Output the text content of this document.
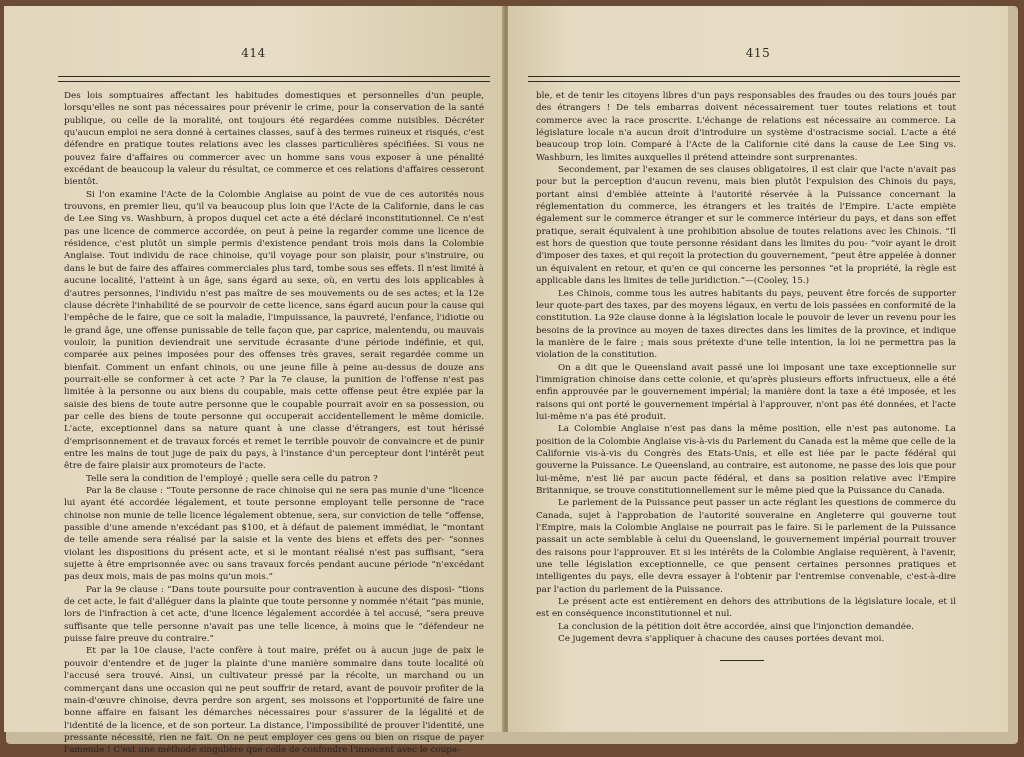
414

Des lois somptuaires affectant les habitudes domestiques et personnelles d'un peuple, lorsqu'elles ne sont pas nécessaires pour prévenir le crime, pour la conservation de la santé publique, ou celle de la moralité, ont toujours été regardées comme nuisibles. Décréter qu'aucun emploi ne sera donné à certaines classes, sauf à des termes ruineux et risqués, c'est défendre en pratique toutes relations avec les classes particulières spécifiées. Si vous ne pouvez faire d'affaires ou commercer avec un homme sans vous exposer à une pénalité excédant de beaucoup la valeur du résultat, ce commerce et ces relations d'affaires cesseront bientôt.

Si l'on examine l'Acte de la Colombie Anglaise au point de vue de ces autorités nous trouvons, en premier lieu, qu'il va beaucoup plus loin que l'Acte de la Californie, dans le cas de Lee Sing vs. Washburn, à propos duquel cet acte a été déclaré inconstitutionnel. Ce n'est pas une licence de commerce accordée, on peut à peine la regarder comme une licence de résidence, c'est plutôt un simple permis d'existence pendant trois mois dans la Colombie Anglaise. Tout individu de race chinoise, qu'il voyage pour son plaisir, pour s'instruire, ou dans le but de faire des affaires commerciales plus tard, tombe sous ses effets. Il n'est limité à aucune localité, l'atteint à un âge, sans égard au sexe, où, en vertu des lois applicables à d'autres personnes, l'individu n'est pas maître de ses mouvements ou de ses actes; et la 12e clause décrète l'inhabilité de se pourvoir de cette licence, sans égard aucun pour la cause qui l'empêche de le faire, que ce soit la maladie, l'impuissance, la pauvreté, l'enfance, l'idiotie ou le grand âge, une offense punissable de telle façon que, par caprice, malentendu, ou mauvais vouloir, la punition deviendrait une servitude écrasante d'une période indéfinie, et qui, comparée aux peines imposées pour des offenses très graves, serait regardée comme un bienfait. Comment un enfant chinois, ou une jeune fille à peine au-dessus de douze ans pourrait-elle se conformer à cet acte ? Par la 7e clause, la punition de l'offense n'est pas limitée à la personne ou aux biens du coupable, mais cette offense peut être expiée par la saisie des biens de toute autre personne que le coupable pourrait avoir en sa possession, ou par celle des biens de toute personne qui occuperait accidentellement le même domicile. L'acte, exceptionnel dans sa nature quant à une classe d'étrangers, est tout hérissé d'emprisonnement et de travaux forcés et remet le terrible pouvoir de convaincre et de punir entre les mains de tout juge de paix du pays, à l'instance d'un percepteur dont l'intérêt peut être de faire plaisir aux promoteurs de l'acte.

Telle sera la condition de l'employé ; quelle sera celle du patron ?

Par la 8e clause : “Toute personne de race chinoise qui ne sera pas munie d'une “licence lui ayant été accordée légalement, et toute personne employant telle personne de “race chinoise non munie de telle licence légalement obtenue, sera, sur conviction de telle “offense, passible d'une amende n'excédant pas $100, et à défaut de paiement immédiat, le “montant de telle amende sera réalisé par la saisie et la vente des biens et effets des per- “sonnes violant les dispositions du présent acte, et si le montant réalisé n'est pas suffisant, “sera sujette à être emprisonnée avec ou sans travaux forcés pendant aucune période “n'excédant pas deux mois, mais de pas moins qu'un mois.”

Par la 9e clause : “Dans toute poursuite pour contravention à aucune des disposi- “tions de cet acte, le fait d'alléguer dans la plainte que toute personne y nommée n'était “pas munie, lors de l'infraction à cet acte, d'une licence légalement accordée à tel accusé, “sera preuve suffisante que telle personne n'avait pas une telle licence, à moins que le “défendeur ne puisse faire preuve du contraire.”

Et par la 10e clause, l'acte confère à tout maire, préfet ou à aucun juge de paix le pouvoir d'entendre et de juger la plainte d'une manière sommaire dans toute localité où l'accusé sera trouvé. Ainsi, un cultivateur pressé par la récolte, un marchand ou un commerçant dans une occasion qui ne peut souffrir de retard, avant de pouvoir profiter de la main-d'œuvre chinoise, devra perdre son argent, ses moissons et l'opportunité de faire une bonne affaire en faisant les démarches nécessaires pour s'assurer de la légalité et de l'identité de la licence, et de son porteur. La distance, l'impossibilité de prouver l'identité, une pressante nécessité, rien ne fait. On ne peut employer ces gens ou bien on risque de payer l'amende ! C'est une méthode singulière que celle de confondre l'innocent avec le coupa-

415

ble, et de tenir les citoyens libres d'un pays responsables des fraudes ou des tours joués par des étrangers ! De tels embarras doivent nécessairement tuer toutes relations et tout commerce avec la race proscrite. L'échange de relations est nécessaire au commerce. La législature locale n'a aucun droit d'introduire un système d'ostracisme social. L'acte a été beaucoup trop loin. Comparé à l'Acte de la Californie cité dans la cause de Lee Sing vs. Washburn, les limites auxquelles il prétend atteindre sont surprenantes.

Secondement, par l'examen de ses clauses obligatoires, il est clair que l'acte n'avait pas pour but la perception d'aucun revenu, mais bien plutôt l'expulsion des Chinois du pays, portant ainsi d'emblée atteinte à l'autorité réservée à la Puissance concernant la réglementation du commerce, les étrangers et les traités de l'Empire. L'acte empiète également sur le commerce étranger et sur le commerce intérieur du pays, et dans son effet pratique, serait équivalent à une prohibition absolue de toutes relations avec les Chinois. “Il est hors de question que toute personne résidant dans les limites du pou- “voir ayant le droit d'imposer des taxes, et qui reçoit la protection du gouvernement, “peut être appelée à donner un équivalent en retour, et qu'en ce qui concerne les personnes “et la propriété, la règle est applicable dans les limites de telle juridiction.”—(Cooley, 15.)

Les Chinois, comme tous les autres habitants du pays, peuvent être forcés de supporter leur quote-part des taxes, par des moyens légaux, en vertu de lois passées en conformité de la constitution. La 92e clause donne à la législation locale le pouvoir de lever un revenu pour les besoins de la province au moyen de taxes directes dans les limites de la province, et indique la manière de le faire ; mais sous prétexte d'une telle intention, la loi ne permettra pas la violation de la constitution.

On a dit que le Queensland avait passé une loi imposant une taxe exceptionnelle sur l'immigration chinoise dans cette colonie, et qu'après plusieurs efforts infructueux, elle a été enfin approuvée par le gouvernement impérial; la manière dont la taxe a été imposée, et les raisons qui ont porté le gouvernement impérial à l'approuver, n'ont pas été données, et l'acte lui-même n'a pas été produit.

La Colombie Anglaise n'est pas dans la même position, elle n'est pas autonome. La position de la Colombie Anglaise vis-à-vis du Parlement du Canada est la même que celle de la Californie vis-à-vis du Congrès des Etats-Unis, et elle est liée par le pacte fédéral qui gouverne la Puissance. Le Queensland, au contraire, est autonome, ne passe des lois que pour lui-même, n'est lié par aucun pacte fédéral, et dans sa position relative avec l'Empire Britannique, se trouve constitutionnellement sur le même pied que la Puissance du Canada.

Le parlement de la Puissance peut passer un acte réglant les questions de commerce du Canada, sujet à l'approbation de l'autorité souveraine en Angleterre qui gouverne tout l'Empire, mais la Colombie Anglaise ne pourrait pas le faire. Si le parlement de la Puissance passait un acte semblable à celui du Queensland, le gouvernement impérial pourrait trouver des raisons pour l'approuver. Et si les intérêts de la Colombie Anglaise requièrent, à l'avenir, une telle législation exceptionnelle, ce que pensent certaines personnes pratiques et intelligentes du pays, elle devra essayer à l'obtenir par l'entremise convenable, c'est-à-dire par l'action du parlement de la Puissance.

Le présent acte est entièrement en dehors des attributions de la législature locale, et il est en conséquence inconstitutionnel et nul.

La conclusion de la pétition doit être accordée, ainsi que l'injonction demandée.

Ce jugement devra s'appliquer à chacune des causes portées devant moi.
